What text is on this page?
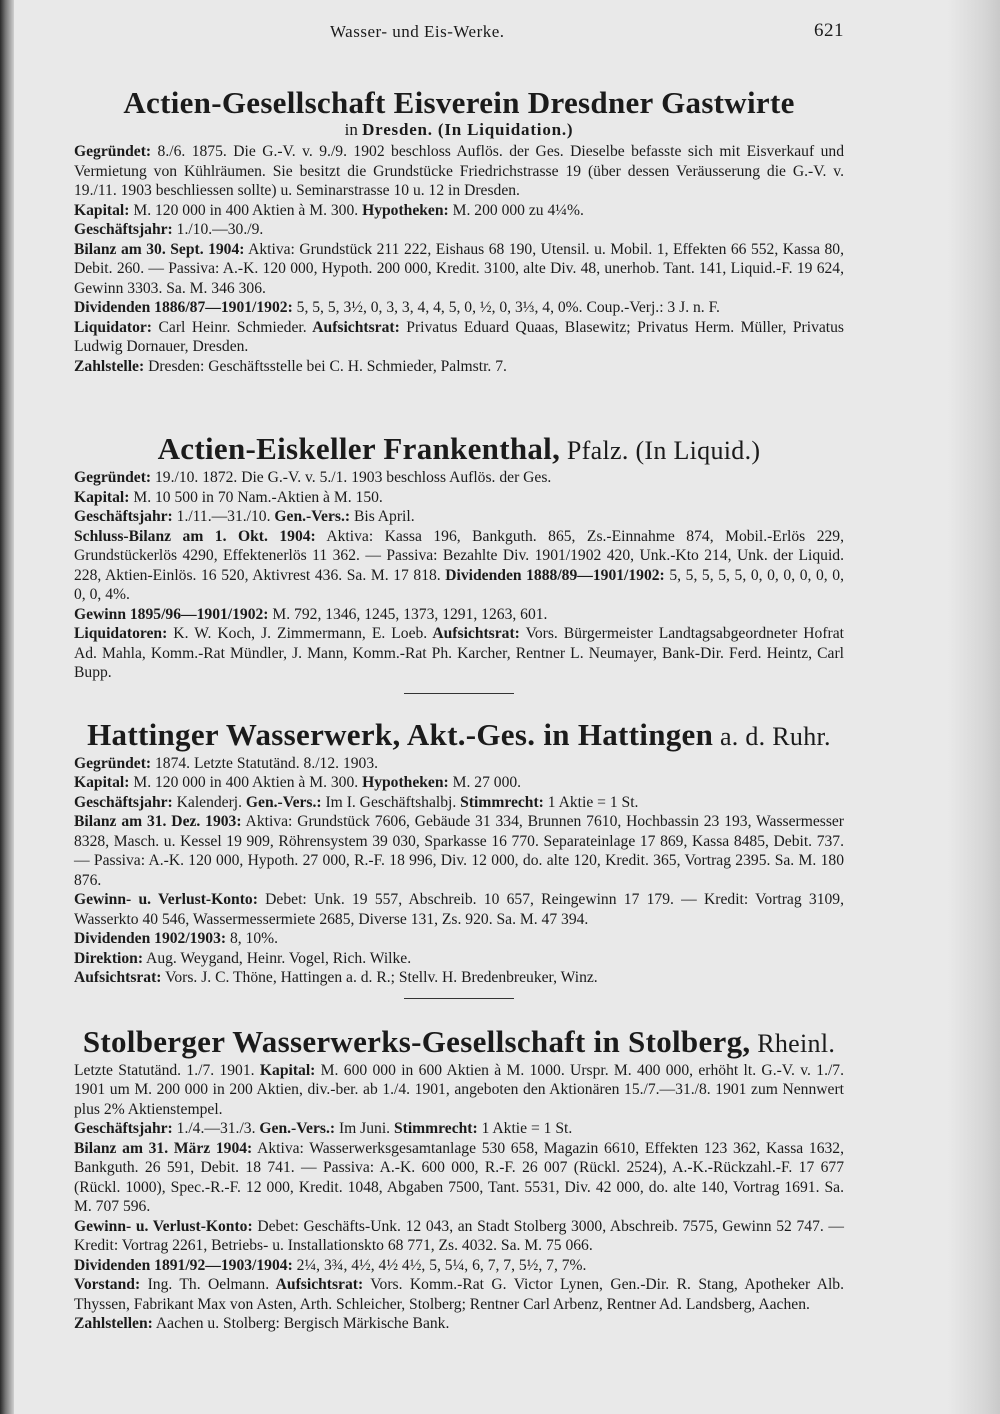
Wasser- und Eis-Werke.	621
Actien-Gesellschaft Eisverein Dresdner Gastwirte

in Dresden. (In Liquidation.)

Gegründet: 8./6. 1875. Die G.-V. v. 9./9. 1902 beschloss Auflös. der Ges. Dieselbe befasste sich mit Eisverkauf und Vermietung von Kühlräumen. Sie besitzt die Grundstücke Friedrichstrasse 19 (über dessen Veräusserung die G.-V. v. 19./11. 1903 beschliessen sollte) u. Seminarstrasse 10 u. 12 in Dresden.

Kapital: M. 120 000 in 400 Aktien à M. 300. Hypotheken: M. 200 000 zu 4¼%.

Geschäftsjahr: 1./10.—30./9.

Bilanz am 30. Sept. 1904: Aktiva: Grundstück 211 222, Eishaus 68 190, Utensil. u. Mobil. 1, Effekten 66 552, Kassa 80, Debit. 260. — Passiva: A.-K. 120 000, Hypoth. 200 000, Kredit. 3100, alte Div. 48, unerhob. Tant. 141, Liquid.-F. 19 624, Gewinn 3303. Sa. M. 346 306.

Dividenden 1886/87—1901/1902: 5, 5, 5, 3½, 0, 3, 3, 4, 4, 5, 0, ½, 0, 3⅓, 4, 0%. Coup.-Verj.: 3 J. n. F.

Liquidator: Carl Heinr. Schmieder. Aufsichtsrat: Privatus Eduard Quaas, Blasewitz; Privatus Herm. Müller, Privatus Ludwig Dornauer, Dresden.

Zahlstelle: Dresden: Geschäftsstelle bei C. H. Schmieder, Palmstr. 7.

Actien-Eiskeller Frankenthal, Pfalz. (In Liquid.)

Gegründet: 19./10. 1872. Die G.-V. v. 5./1. 1903 beschloss Auflös. der Ges.

Kapital: M. 10 500 in 70 Nam.-Aktien à M. 150.

Geschäftsjahr: 1./11.—31./10. Gen.-Vers.: Bis April.

Schluss-Bilanz am 1. Okt. 1904: Aktiva: Kassa 196, Bankguth. 865, Zs.-Einnahme 874, Mobil.-Erlös 229, Grundstückerlös 4290, Effektenerlös 11 362. — Passiva: Bezahlte Div. 1901/1902 420, Unk.-Kto 214, Unk. der Liquid. 228, Aktien-Einlös. 16 520, Aktivrest 436. Sa. M. 17 818. Dividenden 1888/89—1901/1902: 5, 5, 5, 5, 5, 0, 0, 0, 0, 0, 0, 0, 0, 4%.

Gewinn 1895/96—1901/1902: M. 792, 1346, 1245, 1373, 1291, 1263, 601.

Liquidatoren: K. W. Koch, J. Zimmermann, E. Loeb. Aufsichtsrat: Vors. Bürgermeister Landtagsabgeordneter Hofrat Ad. Mahla, Komm.-Rat Mündler, J. Mann, Komm.-Rat Ph. Karcher, Rentner L. Neumayer, Bank-Dir. Ferd. Heintz, Carl Bupp.

Hattinger Wasserwerk, Akt.-Ges. in Hattingen a. d. Ruhr.

Gegründet: 1874. Letzte Statutänd. 8./12. 1903.

Kapital: M. 120 000 in 400 Aktien à M. 300. Hypotheken: M. 27 000.

Geschäftsjahr: Kalenderj. Gen.-Vers.: Im I. Geschäftshalbj. Stimmrecht: 1 Aktie = 1 St.

Bilanz am 31. Dez. 1903: Aktiva: Grundstück 7606, Gebäude 31 334, Brunnen 7610, Hochbassin 23 193, Wassermesser 8328, Masch. u. Kessel 19 909, Röhrensystem 39 030, Sparkasse 16 770. Separateinlage 17 869, Kassa 8485, Debit. 737. — Passiva: A.-K. 120 000, Hypoth. 27 000, R.-F. 18 996, Div. 12 000, do. alte 120, Kredit. 365, Vortrag 2395. Sa. M. 180 876.

Gewinn- u. Verlust-Konto: Debet: Unk. 19 557, Abschreib. 10 657, Reingewinn 17 179. — Kredit: Vortrag 3109, Wasserkto 40 546, Wassermessermiete 2685, Diverse 131, Zs. 920. Sa. M. 47 394.

Dividenden 1902/1903: 8, 10%.

Direktion: Aug. Weygand, Heinr. Vogel, Rich. Wilke.

Aufsichtsrat: Vors. J. C. Thöne, Hattingen a. d. R.; Stellv. H. Bredenbreuker, Winz.

Stolberger Wasserwerks-Gesellschaft in Stolberg, Rheinl.

Letzte Statutänd. 1./7. 1901. Kapital: M. 600 000 in 600 Aktien à M. 1000. Urspr. M. 400 000, erhöht lt. G.-V. v. 1./7. 1901 um M. 200 000 in 200 Aktien, div.-ber. ab 1./4. 1901, angeboten den Aktionären 15./7.—31./8. 1901 zum Nennwert plus 2% Aktienstempel.

Geschäftsjahr: 1./4.—31./3. Gen.-Vers.: Im Juni. Stimmrecht: 1 Aktie = 1 St.

Bilanz am 31. März 1904: Aktiva: Wasserwerksgesamtanlage 530 658, Magazin 6610, Effekten 123 362, Kassa 1632, Bankguth. 26 591, Debit. 18 741. — Passiva: A.-K. 600 000, R.-F. 26 007 (Rückl. 2524), A.-K.-Rückzahl.-F. 17 677 (Rückl. 1000), Spec.-R.-F. 12 000, Kredit. 1048, Abgaben 7500, Tant. 5531, Div. 42 000, do. alte 140, Vortrag 1691. Sa. M. 707 596.

Gewinn- u. Verlust-Konto: Debet: Geschäfts-Unk. 12 043, an Stadt Stolberg 3000, Abschreib. 7575, Gewinn 52 747. — Kredit: Vortrag 2261, Betriebs- u. Installationskto 68 771, Zs. 4032. Sa. M. 75 066.

Dividenden 1891/92—1903/1904: 2¼, 3¾, 4½, 4½ 4½, 5, 5¼, 6, 7, 7, 5½, 7, 7%.

Vorstand: Ing. Th. Oelmann. Aufsichtsrat: Vors. Komm.-Rat G. Victor Lynen, Gen.-Dir. R. Stang, Apotheker Alb. Thyssen, Fabrikant Max von Asten, Arth. Schleicher, Stolberg; Rentner Carl Arbenz, Rentner Ad. Landsberg, Aachen.

Zahlstellen: Aachen u. Stolberg: Bergisch Märkische Bank.
